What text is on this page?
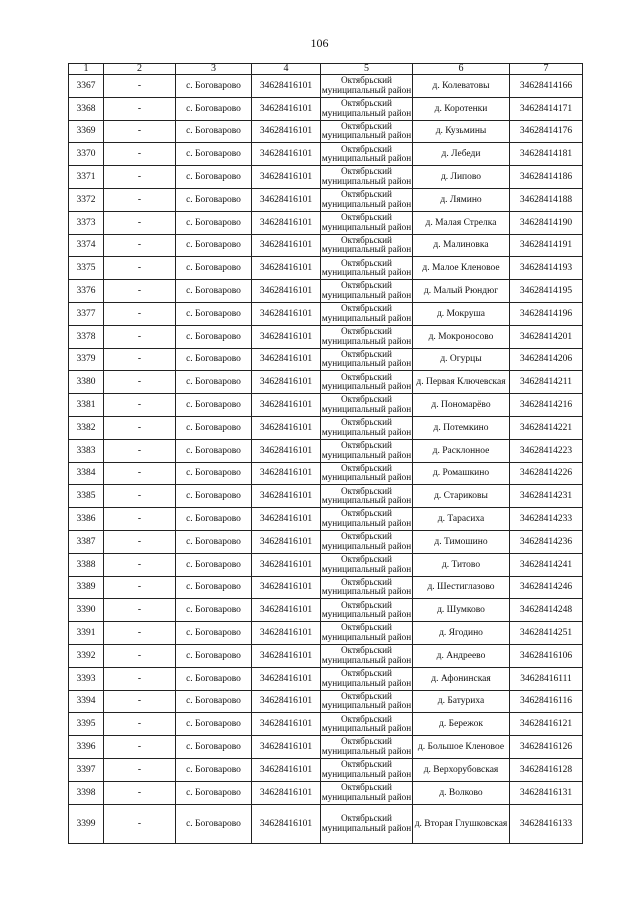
106
1	2	3	4	5	6	7
3367	-	с. Боговарово	34628416101	Октябрьский
муниципальный район	д. Колеватовы	34628414166
3368	-	с. Боговарово	34628416101	Октябрьский
муниципальный район	д. Коротенки	34628414171
3369	-	с. Боговарово	34628416101	Октябрьский
муниципальный район	д. Кузьмины	34628414176
3370	-	с. Боговарово	34628416101	Октябрьский
муниципальный район	д. Лебеди	34628414181
3371	-	с. Боговарово	34628416101	Октябрьский
муниципальный район	д. Липово	34628414186
3372	-	с. Боговарово	34628416101	Октябрьский
муниципальный район	д. Лямино	34628414188
3373	-	с. Боговарово	34628416101	Октябрьский
муниципальный район	д. Малая Стрелка	34628414190
3374	-	с. Боговарово	34628416101	Октябрьский
муниципальный район	д. Малиновка	34628414191
3375	-	с. Боговарово	34628416101	Октябрьский
муниципальный район	д. Малое Кленовое	34628414193
3376	-	с. Боговарово	34628416101	Октябрьский
муниципальный район	д. Малый Рюндюг	34628414195
3377	-	с. Боговарово	34628416101	Октябрьский
муниципальный район	д. Мокруша	34628414196
3378	-	с. Боговарово	34628416101	Октябрьский
муниципальный район	д. Мокроносово	34628414201
3379	-	с. Боговарово	34628416101	Октябрьский
муниципальный район	д. Огурцы	34628414206
3380	-	с. Боговарово	34628416101	Октябрьский
муниципальный район	д. Первая Ключевская	34628414211
3381	-	с. Боговарово	34628416101	Октябрьский
муниципальный район	д. Пономарёво	34628414216
3382	-	с. Боговарово	34628416101	Октябрьский
муниципальный район	д. Потемкино	34628414221
3383	-	с. Боговарово	34628416101	Октябрьский
муниципальный район	д. Расклонное	34628414223
3384	-	с. Боговарово	34628416101	Октябрьский
муниципальный район	д. Ромашкино	34628414226
3385	-	с. Боговарово	34628416101	Октябрьский
муниципальный район	д. Стариковы	34628414231
3386	-	с. Боговарово	34628416101	Октябрьский
муниципальный район	д. Тарасиха	34628414233
3387	-	с. Боговарово	34628416101	Октябрьский
муниципальный район	д. Тимошино	34628414236
3388	-	с. Боговарово	34628416101	Октябрьский
муниципальный район	д. Титово	34628414241
3389	-	с. Боговарово	34628416101	Октябрьский
муниципальный район	д. Шестиглазово	34628414246
3390	-	с. Боговарово	34628416101	Октябрьский
муниципальный район	д. Шумково	34628414248
3391	-	с. Боговарово	34628416101	Октябрьский
муниципальный район	д. Ягодино	34628414251
3392	-	с. Боговарово	34628416101	Октябрьский
муниципальный район	д. Андреево	34628416106
3393	-	с. Боговарово	34628416101	Октябрьский
муниципальный район	д. Афонинская	34628416111
3394	-	с. Боговарово	34628416101	Октябрьский
муниципальный район	д. Батуриха	34628416116
3395	-	с. Боговарово	34628416101	Октябрьский
муниципальный район	д. Бережок	34628416121
3396	-	с. Боговарово	34628416101	Октябрьский
муниципальный район	д. Большое Кленовое	34628416126
3397	-	с. Боговарово	34628416101	Октябрьский
муниципальный район	д. Верхорубовская	34628416128
3398	-	с. Боговарово	34628416101	Октябрьский
муниципальный район	д. Волково	34628416131
3399	-	с. Боговарово	34628416101	Октябрьский
муниципальный район	д. Вторая Глушковская	34628416133
